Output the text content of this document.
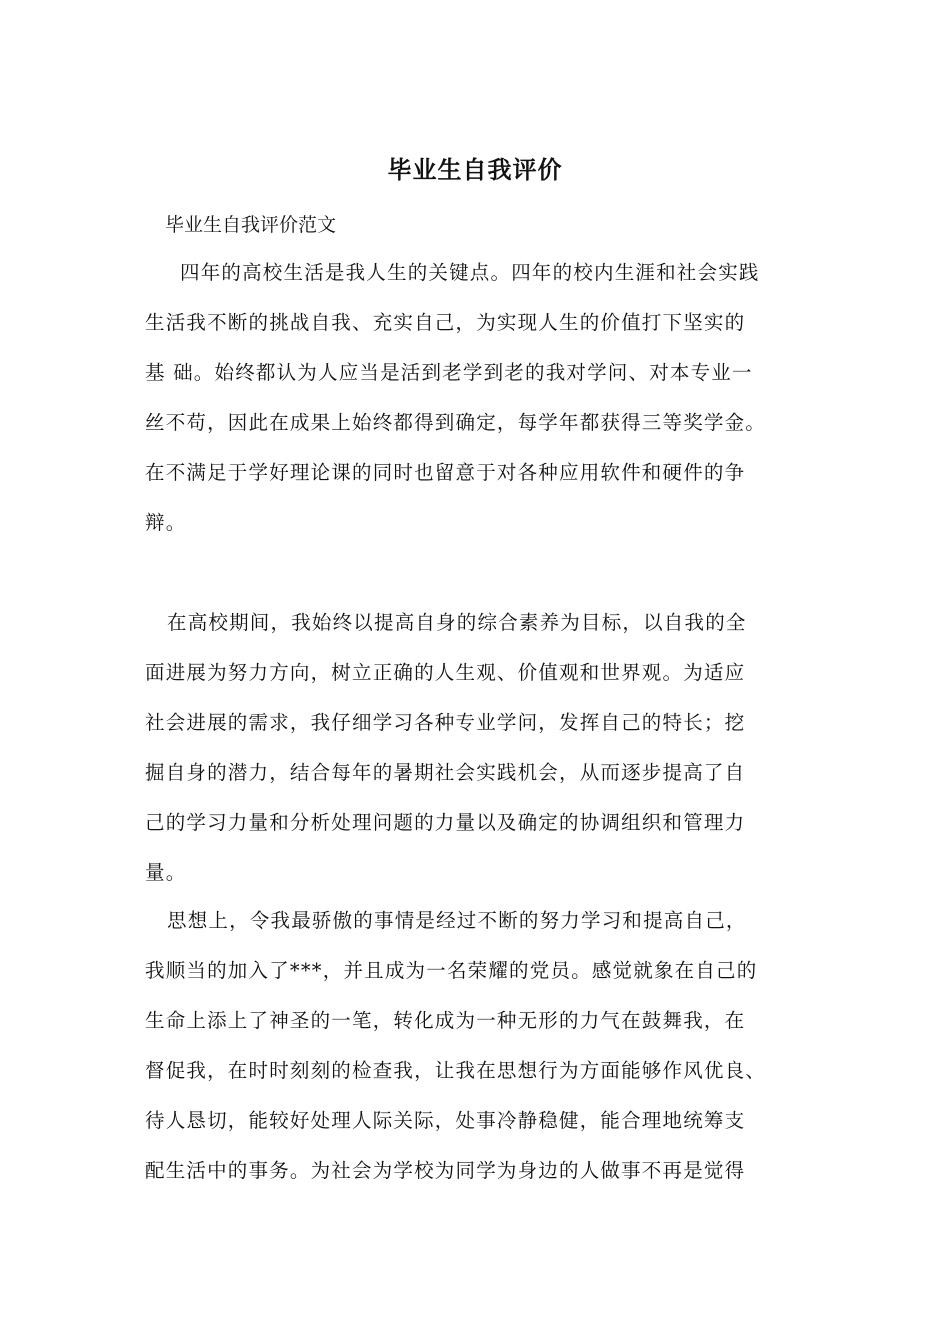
毕业生自我评价
毕业生自我评价范文
四年的高校生活是我人生的关键点。四年的校内生涯和社会实践
生活我不断的挑战自我、充实自己，为实现人生的价值打下坚实的
基 础。始终都认为人应当是活到老学到老的我对学问、对本专业一
丝不苟，因此在成果上始终都得到确定，每学年都获得三等奖学金。
在不满足于学好理论课的同时也留意于对各种应用软件和硬件的争
辩。
在高校期间，我始终以提高自身的综合素养为目标，以自我的全
面进展为努力方向，树立正确的人生观、价值观和世界观。为适应
社会进展的需求，我仔细学习各种专业学问，发挥自己的特长；挖
掘自身的潜力，结合每年的暑期社会实践机会，从而逐步提高了自
己的学习力量和分析处理问题的力量以及确定的协调组织和管理力
量。
思想上，令我最骄傲的事情是经过不断的努力学习和提高自己，
我顺当的加入了***，并且成为一名荣耀的党员。感觉就象在自己的
生命上添上了神圣的一笔，转化成为一种无形的力气在鼓舞我，在
督促我，在时时刻刻的检查我，让我在思想行为方面能够作风优良、
待人恳切，能较好处理人际关际，处事冷静稳健，能合理地统筹支
配生活中的事务。为社会为学校为同学为身边的人做事不再是觉得
